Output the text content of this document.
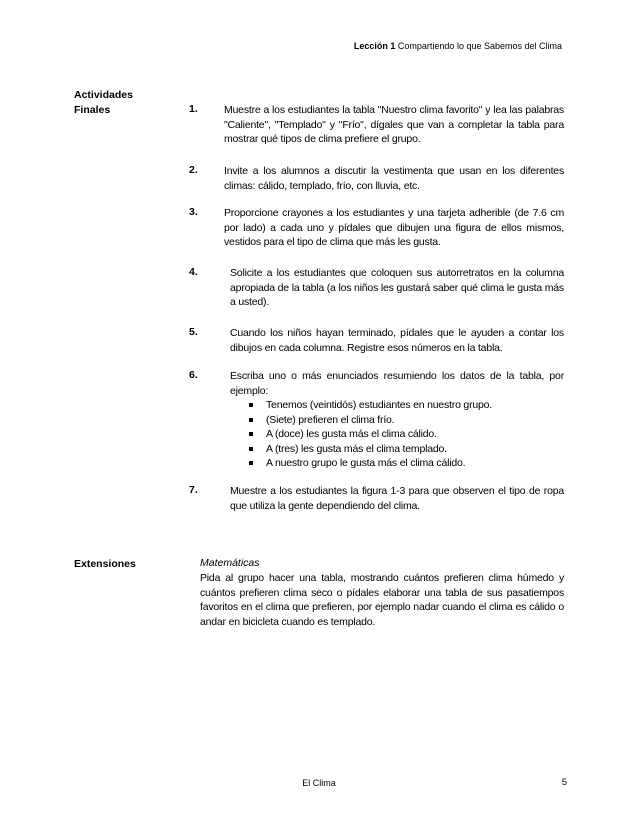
Lección 1 Compartiendo lo que Sabemos del Clima
Actividades
Finales	1. Muestre a los estudiantes la tabla "Nuestro clima favorito" y lea las palabras "Caliente", "Templado" y "Frío", dígales que van a completar la tabla para mostrar qué tipos de clima prefiere el grupo.
2. Invite a los alumnos a discutir la vestimenta que usan en los diferentes climas: cálido, templado, frío, con lluvia, etc.
3. Proporcione crayones a los estudiantes y una tarjeta adherible (de 7.6 cm por lado) a cada uno y pídales que dibujen una figura de ellos mismos, vestidos para el tipo de clima que más les gusta.
4.	Solicite a los estudiantes que coloquen sus autorretratos en la columna apropiada de la tabla (a los niños les gustará saber qué clima le gusta más a usted).
5.	Cuando los niños hayan terminado, pídales que le ayuden a contar los dibujos en cada columna. Registre esos números en la tabla.
6.	Escriba uno o más enunciados resumiendo los datos de la tabla, por ejemplo:
Tenemos (veintidós) estudiantes en nuestro grupo.
(Siete) prefieren el clima frío.
A (doce) les gusta más el clima cálido.
A (tres) les gusta más el clima templado.
A nuestro grupo le gusta más el clima cálido.
7.	Muestre a los estudiantes la figura 1-3 para que observen el tipo de ropa que utiliza la gente dependiendo del clima.
Extensiones	Matemáticas
Pida al grupo hacer una tabla, mostrando cuántos prefieren clima húmedo y cuántos prefieren clima seco o pídales elaborar una tabla de sus pasatiempos favoritos en el clima que prefieren, por ejemplo nadar cuando el clima es cálido o andar en bicicleta cuando es templado.
El Clima	5
